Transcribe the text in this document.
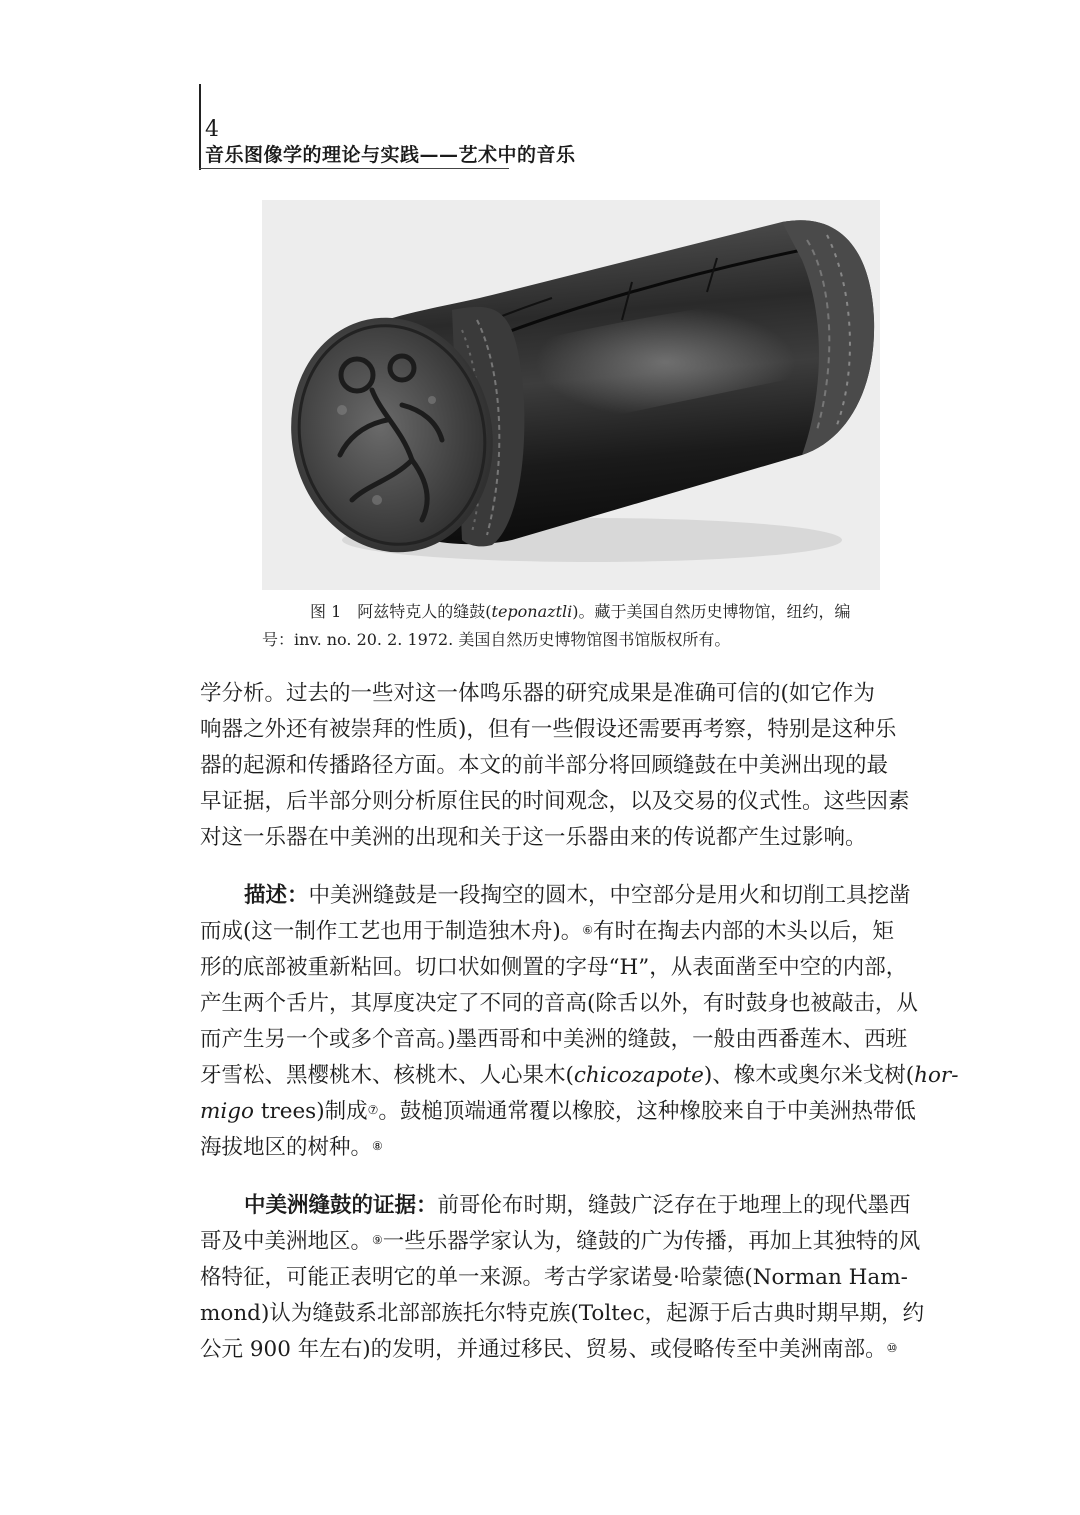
4
音乐图像学的理论与实践——艺术中的音乐
图 1　阿兹特克人的缝鼓(teponaztli)。藏于美国自然历史博物馆，纽约，编
号：inv. no. 20. 2. 1972. 美国自然历史博物馆图书馆版权所有。
学分析。过去的一些对这一体鸣乐器的研究成果是准确可信的(如它作为
响器之外还有被崇拜的性质)，但有一些假设还需要再考察，特别是这种乐
器的起源和传播路径方面。本文的前半部分将回顾缝鼓在中美洲出现的最
早证据，后半部分则分析原住民的时间观念，以及交易的仪式性。这些因素
对这一乐器在中美洲的出现和关于这一乐器由来的传说都产生过影响。
描述：中美洲缝鼓是一段掏空的圆木，中空部分是用火和切削工具挖凿
而成(这一制作工艺也用于制造独木舟)。⑥有时在掏去内部的木头以后，矩
形的底部被重新粘回。切口状如侧置的字母“H”，从表面凿至中空的内部，
产生两个舌片，其厚度决定了不同的音高(除舌以外，有时鼓身也被敲击，从
而产生另一个或多个音高。)墨西哥和中美洲的缝鼓，一般由西番莲木、西班
牙雪松、黑樱桃木、核桃木、人心果木(chicozapote)、橡木或奥尔米戈树(hor-
migo trees)制成⑦。鼓槌顶端通常覆以橡胶，这种橡胶来自于中美洲热带低
海拔地区的树种。⑧
中美洲缝鼓的证据：前哥伦布时期，缝鼓广泛存在于地理上的现代墨西
哥及中美洲地区。⑨一些乐器学家认为，缝鼓的广为传播，再加上其独特的风
格特征，可能正表明它的单一来源。考古学家诺曼·哈蒙德(Norman Ham-
mond)认为缝鼓系北部部族托尔特克族(Toltec，起源于后古典时期早期，约
公元 900 年左右)的发明，并通过移民、贸易、或侵略传至中美洲南部。⑩
